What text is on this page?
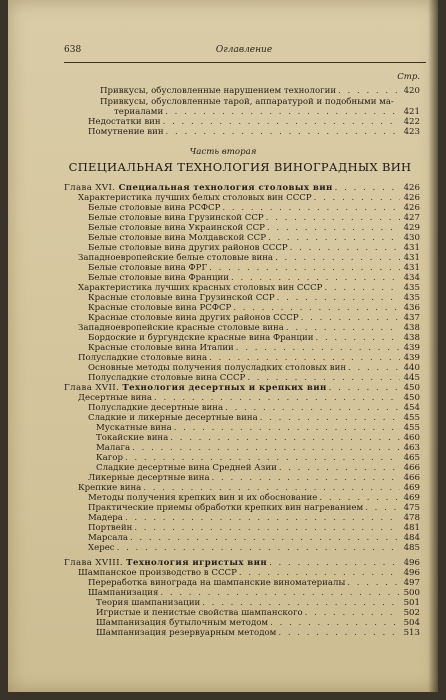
638	Оглавление
Стр.
Привкусы, обусловленные нарушением технологии . . .	420
Привкусы, обусловленные тарой, аппаратурой и подобными ма-
териалами . . .	421
Недостатки вин . . .	422
Помутнение вин . . .	423
Часть вторая
СПЕЦИАЛЬНАЯ ТЕХНОЛОГИЯ ВИНОГРАДНЫХ ВИН
Глава XVI. Специальная технология столовых вин . . .	426
Характеристика лучших белых столовых вин СССР . . .	426
Белые столовые вина РСФСР . . .	426
Белые столовые вина Грузинской ССР . . .	427
Белые столовые вина Украинской ССР . . .	429
Белые столовые вина Молдавской ССР . . .	430
Белые столовые вина других районов СССР . . .	431
Западноевропейские белые столовые вина . . .	431
Белые столовые вина ФРГ . . .	431
Белые столовые вина Франции . . .	434
Характеристика лучших красных столовых вин СССР . . .	435
Красные столовые вина Грузинской ССР . . .	435
Красные столовые вина РСФСР . . .	436
Красные столовые вина других районов СССР . . .	437
Западноевропейские красные столовые вина . . .	438
Бордоские и бургундские красные вина Франции . . .	438
Красные столовые вина Италии . . .	439
Полусладкие столовые вина . . .	439
Основные методы получения полусладких столовых вин . . .	440
Полусладкие столовые вина СССР . . .	445
Глава XVII. Технология десертных и крепких вин . . .	450
Десертные вина . . .	450
Полусладкие десертные вина . . .	454
Сладкие и ликерные десертные вина . . .	455
Мускатные вина . . .	455
Токайские вина . . .	460
Малага . . .	463
Кагор . . .	465
Сладкие десертные вина Средней Азии . . .	466
Ликерные десертные вина . . .	466
Крепкие вина . . .	469
Методы получения крепких вин и их обоснование . . .	469
Практические приемы обработки крепких вин нагреванием . . .	475
Мадера . . .	478
Портвейн . . .	481
Марсала . . .	484
Херес . . .	485
Глава XVIII. Технология игристых вин . . .	496
Шампанское производство в СССР . . .	496
Переработка винограда на шампанские виноматериалы . . .	497
Шампанизация . . .	500
Теория шампанизации . . .	501
Игристые и пенистые свойства шампанского . . .	502
Шампанизация бутылочным методом . . .	504
Шампанизация резервуарным методом . . .	513
